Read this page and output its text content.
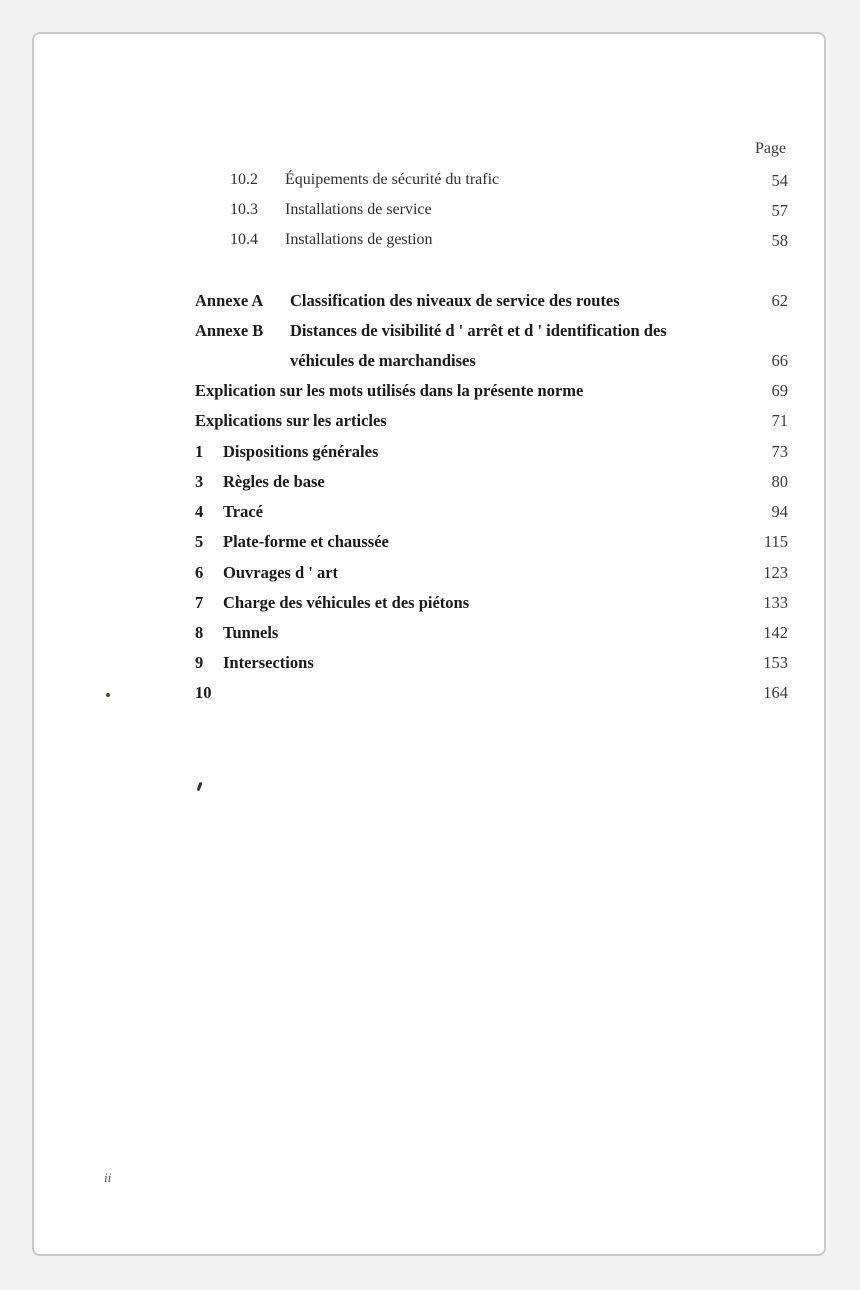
Page
10.2 Équipements de sécurité du trafic	54
10.3 Installations de service	57
10.4 Installations de gestion	58
Annexe A Classification des niveaux de service des routes	62
Annexe B Distances de visibilité d ' arrêt et d ' identification des
véhicules de marchandises	66
Explication sur les mots utilisés dans la présente norme	69
Explications sur les articles	71
1 Dispositions générales	73
3 Règles de base	80
4 Tracé	94
5 Plate-forme et chaussée	115
6 Ouvrages d ' art	123
7 Charge des véhicules et des piétons	133
8 Tunnels	142
9 Intersections	153
10	164
ii
